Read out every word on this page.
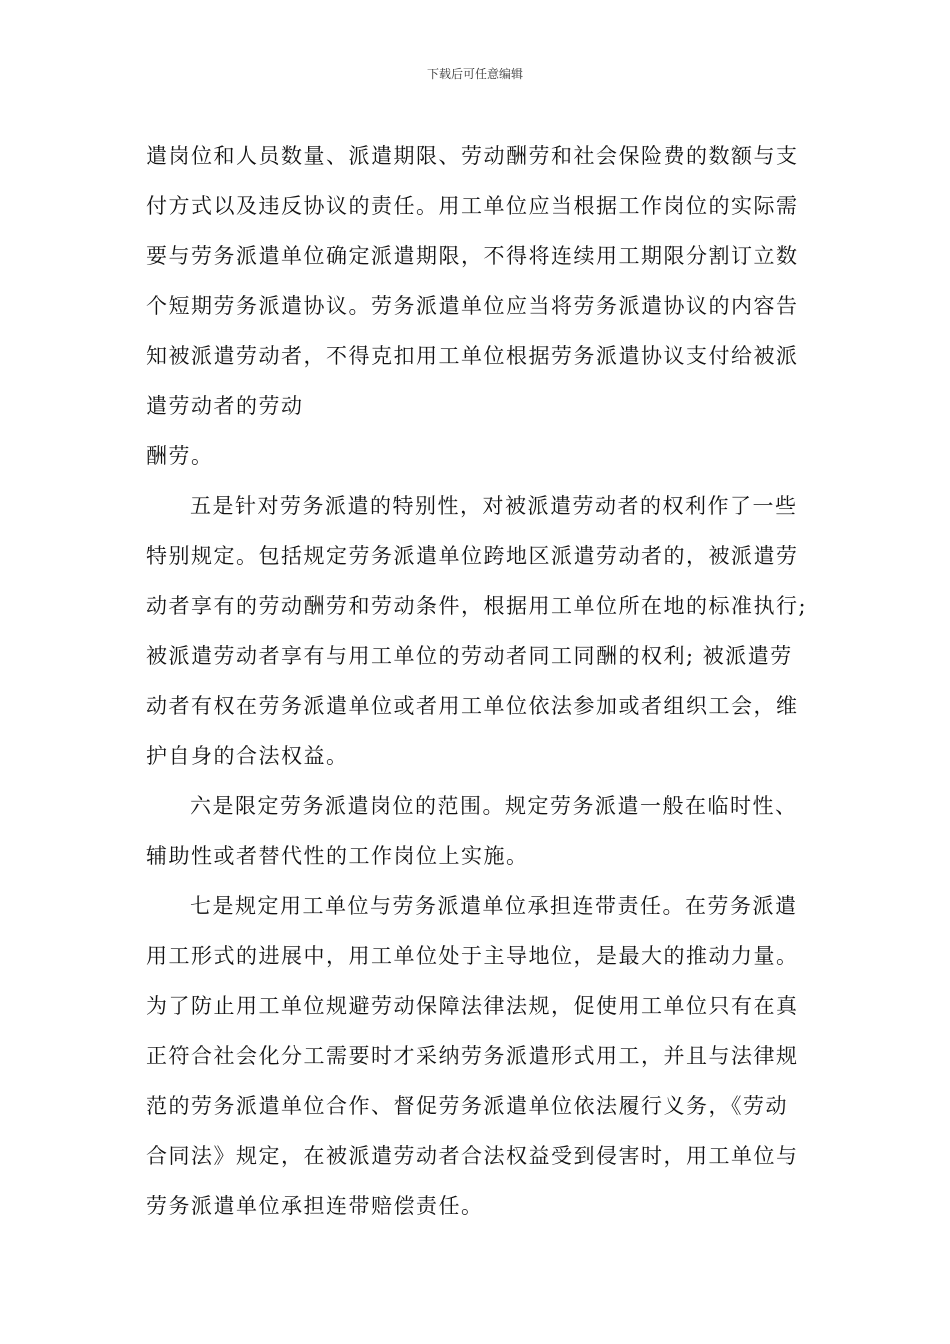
下载后可任意编辑
遣岗位和人员数量、派遣期限、劳动酬劳和社会保险费的数额与支
付方式以及违反协议的责任。用工单位应当根据工作岗位的实际需
要与劳务派遣单位确定派遣期限，不得将连续用工期限分割订立数
个短期劳务派遣协议。劳务派遣单位应当将劳务派遣协议的内容告
知被派遣劳动者，不得克扣用工单位根据劳务派遣协议支付给被派
遣劳动者的劳动
酬劳。
五是针对劳务派遣的特别性，对被派遣劳动者的权利作了一些
特别规定。包括规定劳务派遣单位跨地区派遣劳动者的，被派遣劳
动者享有的劳动酬劳和劳动条件，根据用工单位所在地的标准执行;
被派遣劳动者享有与用工单位的劳动者同工同酬的权利; 被派遣劳
动者有权在劳务派遣单位或者用工单位依法参加或者组织工会，维
护自身的合法权益。
六是限定劳务派遣岗位的范围。规定劳务派遣一般在临时性、
辅助性或者替代性的工作岗位上实施。
七是规定用工单位与劳务派遣单位承担连带责任。在劳务派遣
用工形式的进展中，用工单位处于主导地位，是最大的推动力量。
为了防止用工单位规避劳动保障法律法规，促使用工单位只有在真
正符合社会化分工需要时才采纳劳务派遣形式用工，并且与法律规
范的劳务派遣单位合作、督促劳务派遣单位依法履行义务，《劳动
合同法》规定，在被派遣劳动者合法权益受到侵害时，用工单位与
劳务派遣单位承担连带赔偿责任。
